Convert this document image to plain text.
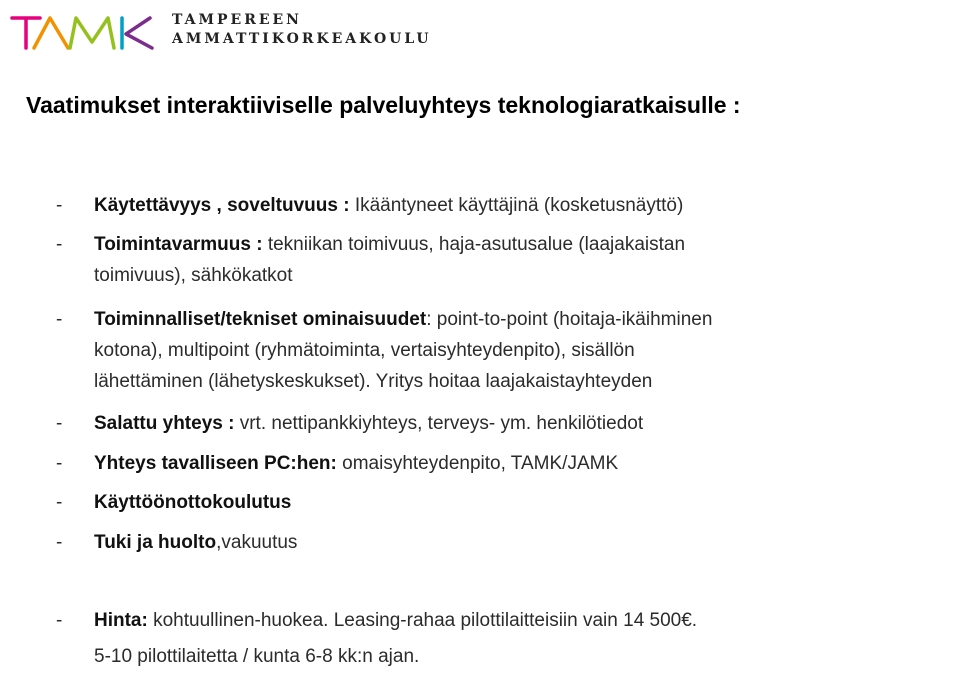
TAMPEREEN
AMMATTIKORKEAKOULU
Vaatimukset interaktiiviselle palveluyhteys teknologiaratkaisulle :
- Käytettävyys , soveltuvuus : Ikääntyneet käyttäjinä (kosketusnäyttö)
- Toimintavarmuus : tekniikan toimivuus, haja-asutusalue (laajakaistan
toimivuus), sähkökatkot
- Toiminnalliset/tekniset ominaisuudet: point-to-point (hoitaja-ikäihminen
kotona), multipoint (ryhmätoiminta, vertaisyhteydenpito), sisällön
lähettäminen (lähetyskeskukset). Yritys hoitaa laajakaistayhteyden
- Salattu yhteys : vrt. nettipankkiyhteys, terveys- ym. henkilötiedot
- Yhteys tavalliseen PC:hen: omaisyhteydenpito, TAMK/JAMK
- Käyttöönottokoulutus
- Tuki ja huolto,vakuutus
- Hinta: kohtuullinen-huokea. Leasing-rahaa pilottilaitteisiin vain 14 500€.
5-10 pilottilaitetta / kunta 6-8 kk:n ajan.
